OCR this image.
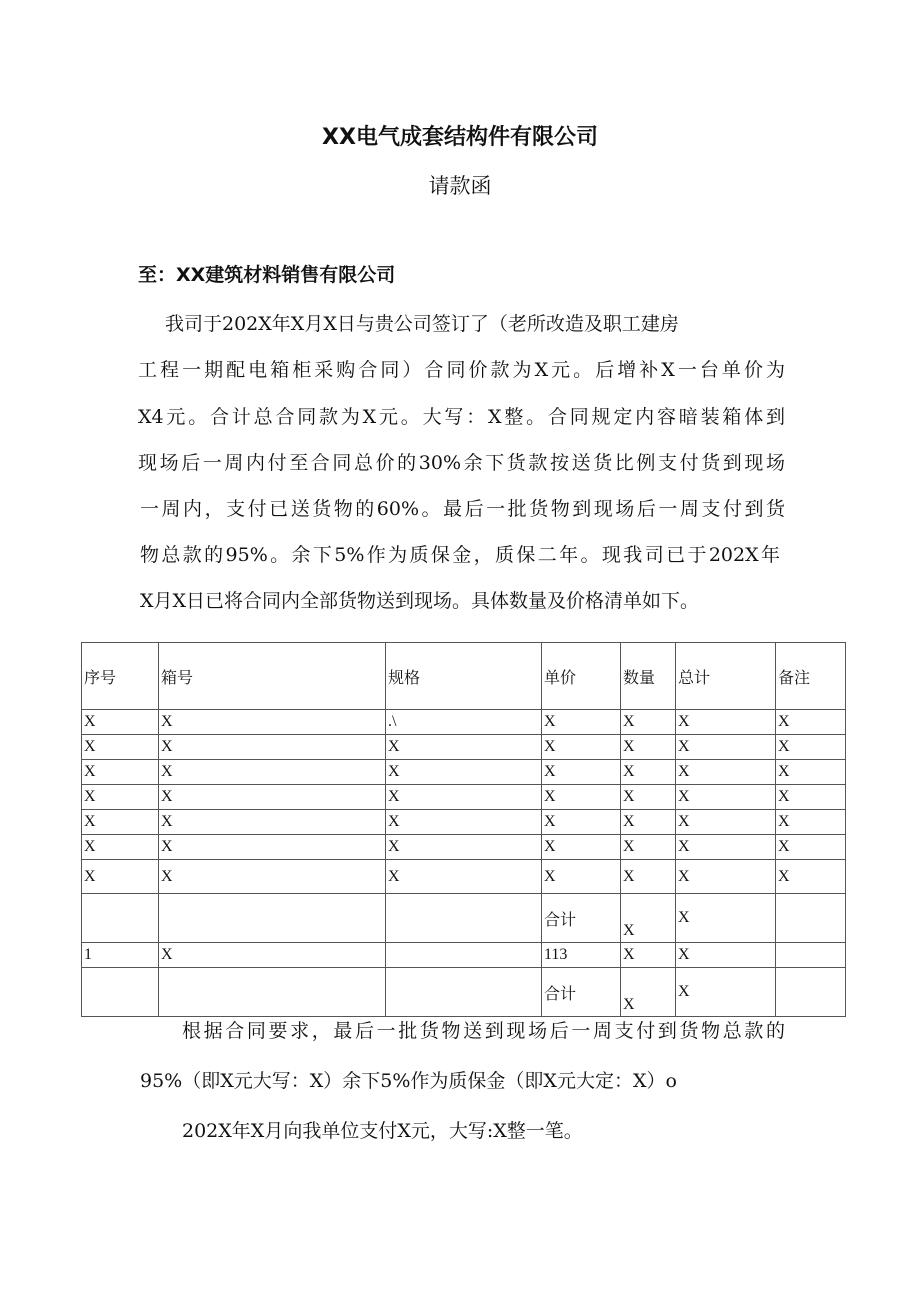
XX电气成套结构件有限公司
请款函
至：XX建筑材料销售有限公司
我司于202X年X月X日与贵公司签订了（老所改造及职工建房
工程一期配电箱柜采购合同）合同价款为X元。后增补X一台单价为
X4元。合计总合同款为X元。大写：X整。合同规定内容暗装箱体到
现场后一周内付至合同总价的30%余下货款按送货比例支付货到现场
一周内，支付已送货物的60%。最后一批货物到现场后一周支付到货
物总款的95%。余下5%作为质保金，质保二年。现我司已于202X年
X月X日已将合同内全部货物送到现场。具体数量及价格清单如下。
序号	箱号	规格	单价	数量	总计	备注
X	X	.\	X	X	X	X
X	X	X	X	X	X	X
X	X	X	X	X	X	X
X	X	X	X	X	X	X
X	X	X	X	X	X	X
X	X	X	X	X	X	X
X	X	X	X	X	X	X
			合计	X	X	
1	X		113	X	X	
			合计	X	X	
根据合同要求，最后一批货物送到现场后一周支付到货物总款的
95%（即X元大写：X）余下5%作为质保金（即X元大定：X）o
202X年X月向我单位支付X元，大写:X整一笔。
